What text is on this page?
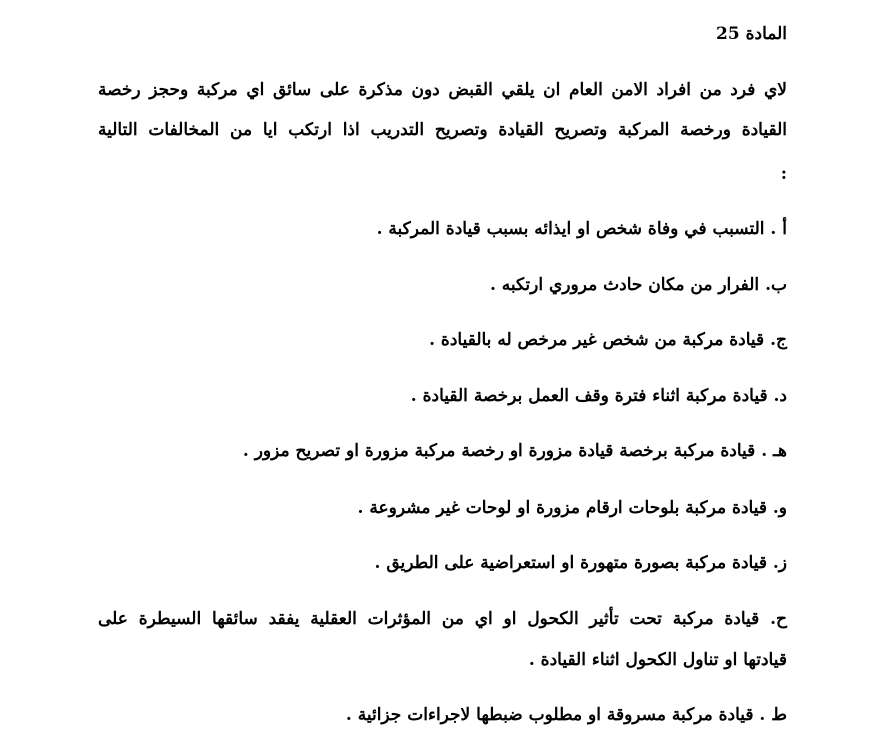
المادة 25
لاي فرد من افراد الامن العام ان يلقي القبض دون مذكرة على سائق اي مركبة وحجز رخصة
القيادة ورخصة المركبة وتصريح القيادة وتصريح التدريب اذا ارتكب ايا من المخالفات التالية
:
أ . التسبب في وفاة شخص او ايذائه بسبب قيادة المركبة .
ب. الفرار من مكان حادث مروري ارتكبه .
ج. قيادة مركبة من شخص غير مرخص له بالقيادة .
د. قيادة مركبة اثناء فترة وقف العمل برخصة القيادة .
هـ . قيادة مركبة برخصة قيادة مزورة او رخصة مركبة مزورة او تصريح مزور .
و. قيادة مركبة بلوحات ارقام مزورة او لوحات غير مشروعة .
ز. قيادة مركبة بصورة متهورة او استعراضية على الطريق .
ح. قيادة مركبة تحت تأثير الكحول او اي من المؤثرات العقلية يفقد سائقها السيطرة على
قيادتها او تناول الكحول اثناء القيادة .
ط . قيادة مركبة مسروقة او مطلوب ضبطها لاجراءات جزائية .
